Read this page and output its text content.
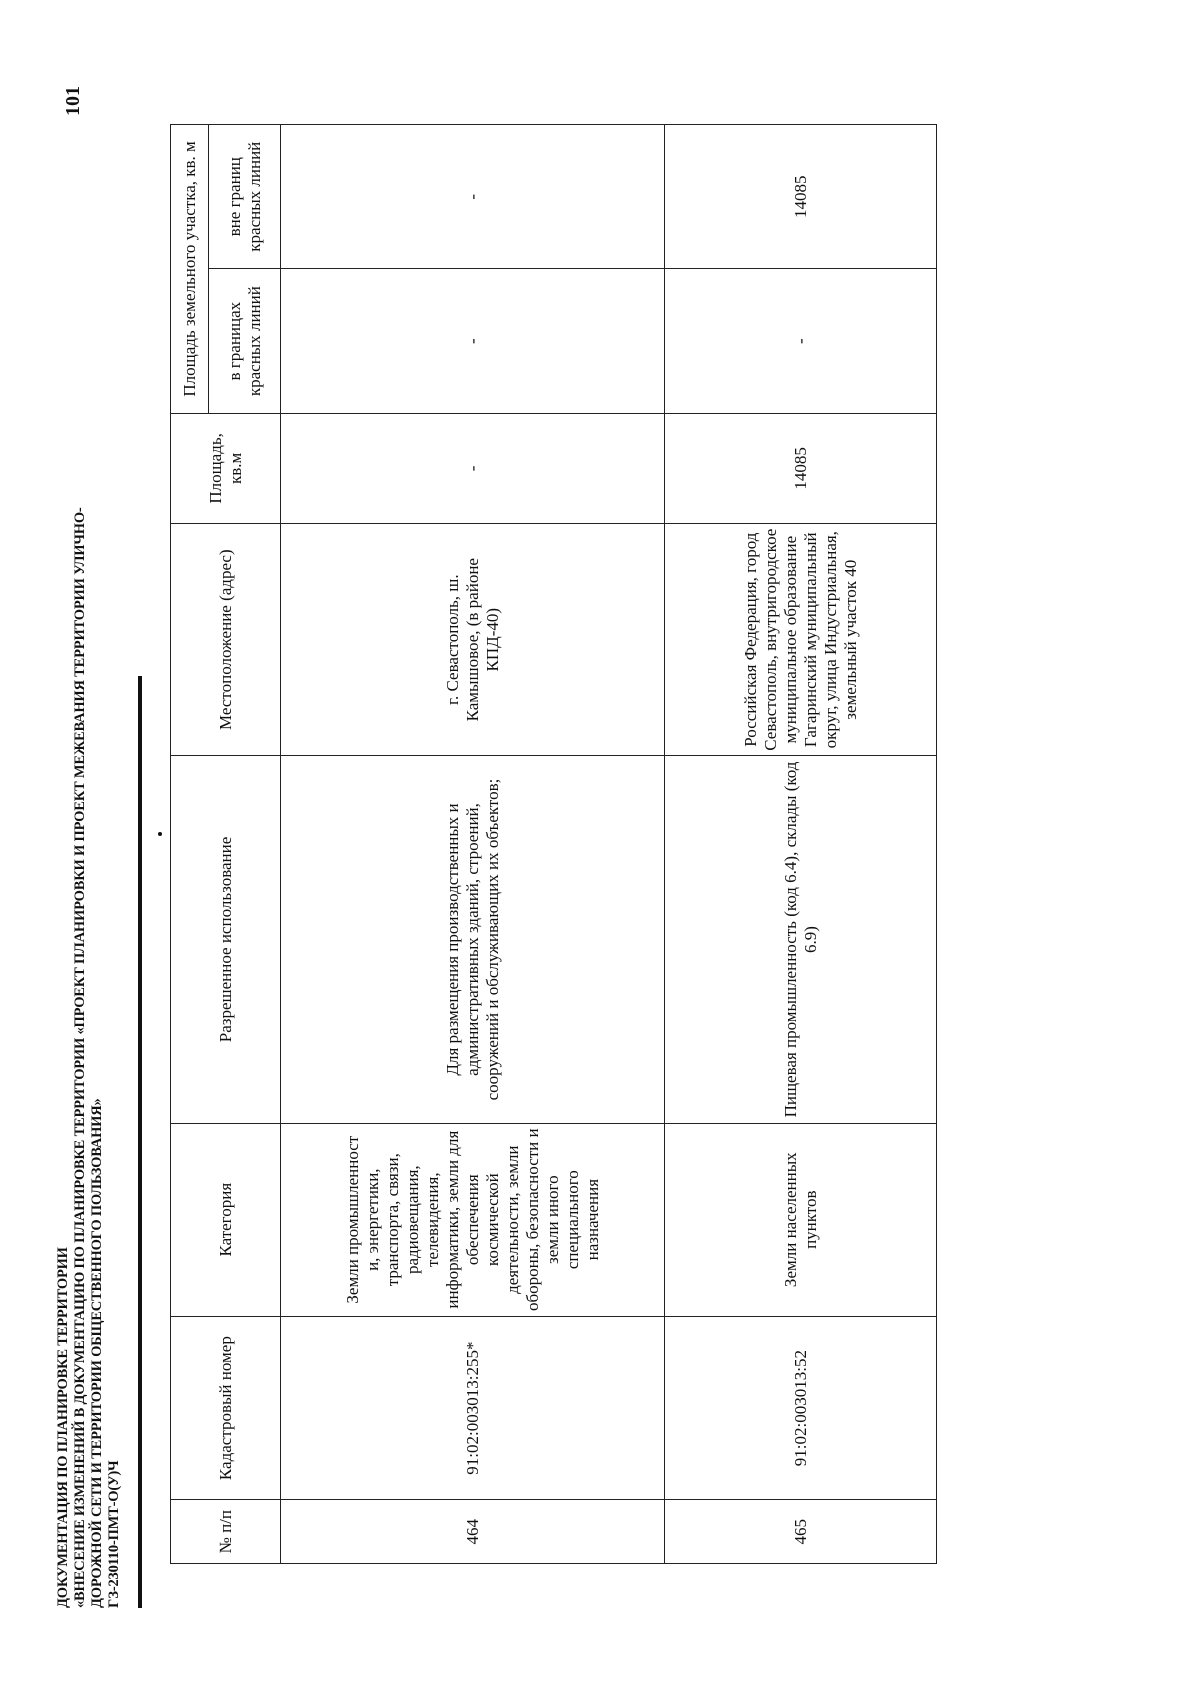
ДОКУМЕНТАЦИЯ ПО ПЛАНИРОВКЕ ТЕРРИТОРИИ «ВНЕСЕНИЕ ИЗМЕНЕНИЙ В ДОКУМЕНТАЦИЮ ПО ПЛАНИРОВКЕ ТЕРРИТОРИИ «ПРОЕКТ ПЛАНИРОВКИ И ПРОЕКТ МЕЖЕВАНИЯ ТЕРРИТОРИИ УЛИЧНО- ДОРОЖНОЙ СЕТИ И ТЕРРИТОРИИ ОБЩЕСТВЕННОГО ПОЛЬЗОВАНИЯ» ГЗ-230110-ПМТ-О(У)Ч
101
№ п/п	Кадастровый номер	Категория	Разрешенное использование	Местоположение (адрес)	Площадь, кв.м	Площадь земельного участка, кв. м	
						в границах красных линий	вне границ красных линий
464	91:02:003013:255*	Земли промышленност и, энергетики, транспорта, связи, радиовещания, телевидения, информатики, земли для обеспечения космической деятельности, земли обороны, безопасности и земли иного специального назначения	Для размещения производственных и административных зданий, строений, сооружений и обслуживающих их объектов;	г. Севастополь, ш. Камышовое, (в районе КПД-40)	-	-	-
465	91:02:003013:52	Земли населенных пунктов	Пищевая промышленность (код 6.4), склады (код 6.9)	Российская Федерация, город Севастополь, внутригородское муниципальное образование Гагаринский муниципальный округ, улица Индустриальная, земельный участок 40	14085	-	14085
